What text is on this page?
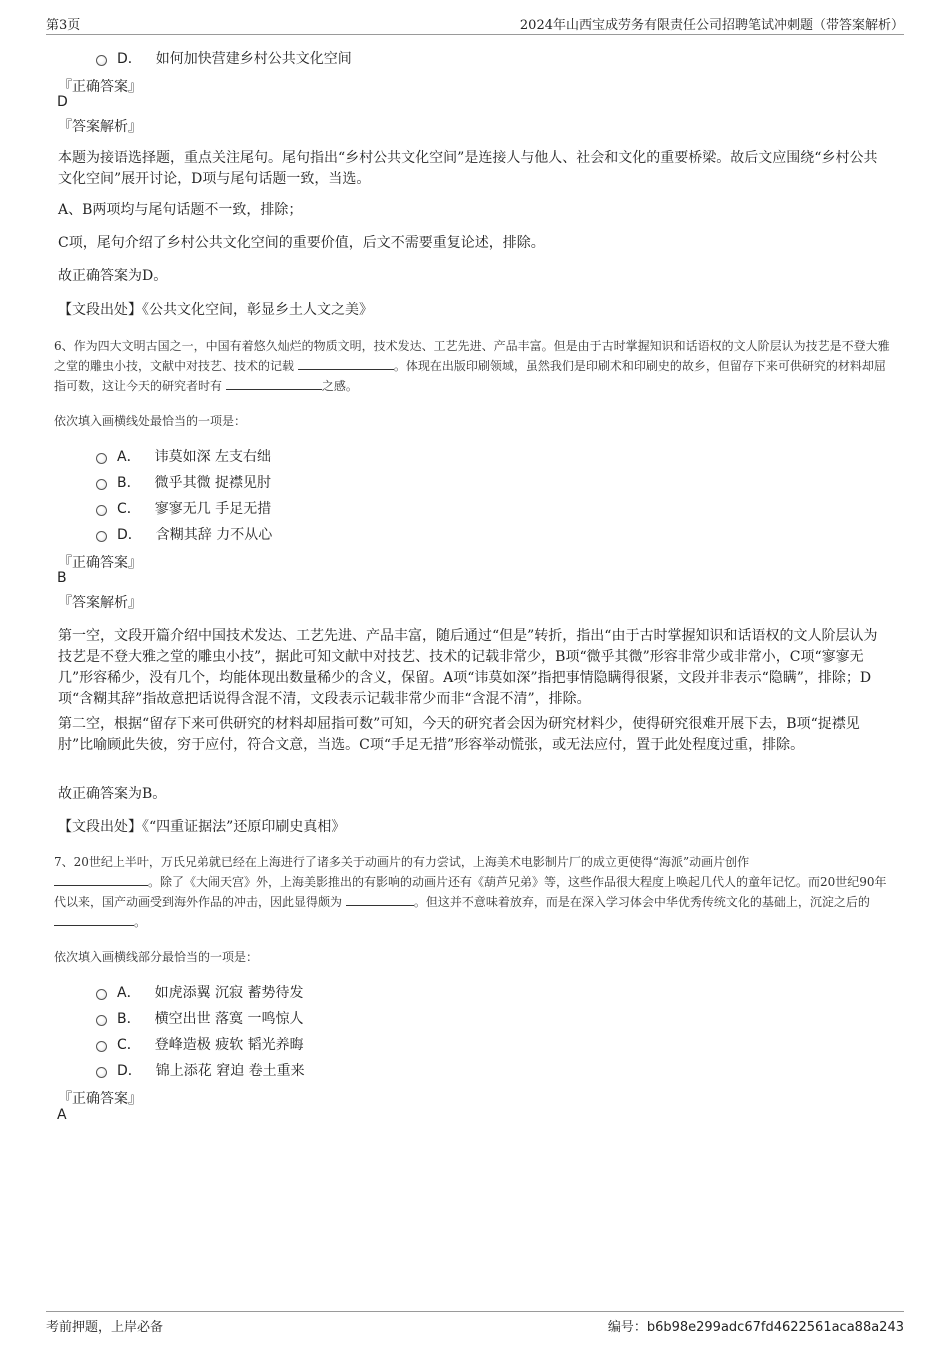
第3页	2024年山西宝成劳务有限责任公司招聘笔试冲刺题（带答案解析）
D． 如何加快营建乡村公共文化空间
『正确答案』
D
『答案解析』
本题为接语选择题，重点关注尾句。尾句指出“乡村公共文化空间”是连接人与他人、社会和文化的重要桥梁。故后文应围绕“乡村公共文化空间”展开讨论，D项与尾句话题一致，当选。
A、B两项均与尾句话题不一致，排除；
C项，尾句介绍了乡村公共文化空间的重要价值，后文不需要重复论述，排除。
故正确答案为D。
【文段出处】《公共文化空间，彰显乡土人文之美》
6、作为四大文明古国之一，中国有着悠久灿烂的物质文明，技术发达、工艺先进、产品丰富。但是由于古时掌握知识和话语权的文人阶层认为技艺是不登大雅之堂的雕虫小技，文献中对技艺、技术的记载	。体现在出版印刷领域，虽然我们是印刷术和印刷史的故乡，但留存下来可供研究的材料却屈指可数，这让今天的研究者时有	之感。
依次填入画横线处最恰当的一项是：
A． 讳莫如深 左支右绌
B． 微乎其微 捉襟见肘
C． 寥寥无几 手足无措
D． 含糊其辞 力不从心
『正确答案』
B
『答案解析』
第一空，文段开篇介绍中国技术发达、工艺先进、产品丰富，随后通过“但是”转折，指出“由于古时掌握知识和话语权的文人阶层认为技艺是不登大雅之堂的雕虫小技”，据此可知文献中对技艺、技术的记载非常少，B项“微乎其微”形容非常少或非常小，C项“寥寥无几”形容稀少，没有几个，均能体现出数量稀少的含义，保留。A项“讳莫如深”指把事情隐瞒得很紧，文段并非表示“隐瞒”，排除；D项“含糊其辞”指故意把话说得含混不清，文段表示记载非常少而非“含混不清”，排除。
第二空，根据“留存下来可供研究的材料却屈指可数”可知，今天的研究者会因为研究材料少，使得研究很难开展下去，B项“捉襟见肘”比喻顾此失彼，穷于应付，符合文意，当选。C项“手足无措”形容举动慌张，或无法应付，置于此处程度过重，排除。
故正确答案为B。
【文段出处】《“四重证据法”还原印刷史真相》
7、20世纪上半叶，万氏兄弟就已经在上海进行了诸多关于动画片的有力尝试，上海美术电影制片厂的成立更使得“海派”动画片创作
。除了《大闹天宫》外，上海美影推出的有影响的动画片还有《葫芦兄弟》等，这些作品很大程度上唤起几代人的童年记忆。而20世纪90年代以来，国产动画受到海外作品的冲击，因此显得颇为	。但这并不意味着放弃，而是在深入学习体会中华优秀传统文化的基础上，沉淀之后的 。
依次填入画横线部分最恰当的一项是：
A． 如虎添翼 沉寂 蓄势待发
B． 横空出世 落寞 一鸣惊人
C． 登峰造极 疲软 韬光养晦
D． 锦上添花 窘迫 卷土重来
『正确答案』
A
考前押题，上岸必备	编号：b6b98e299adc67fd4622561aca88a243
